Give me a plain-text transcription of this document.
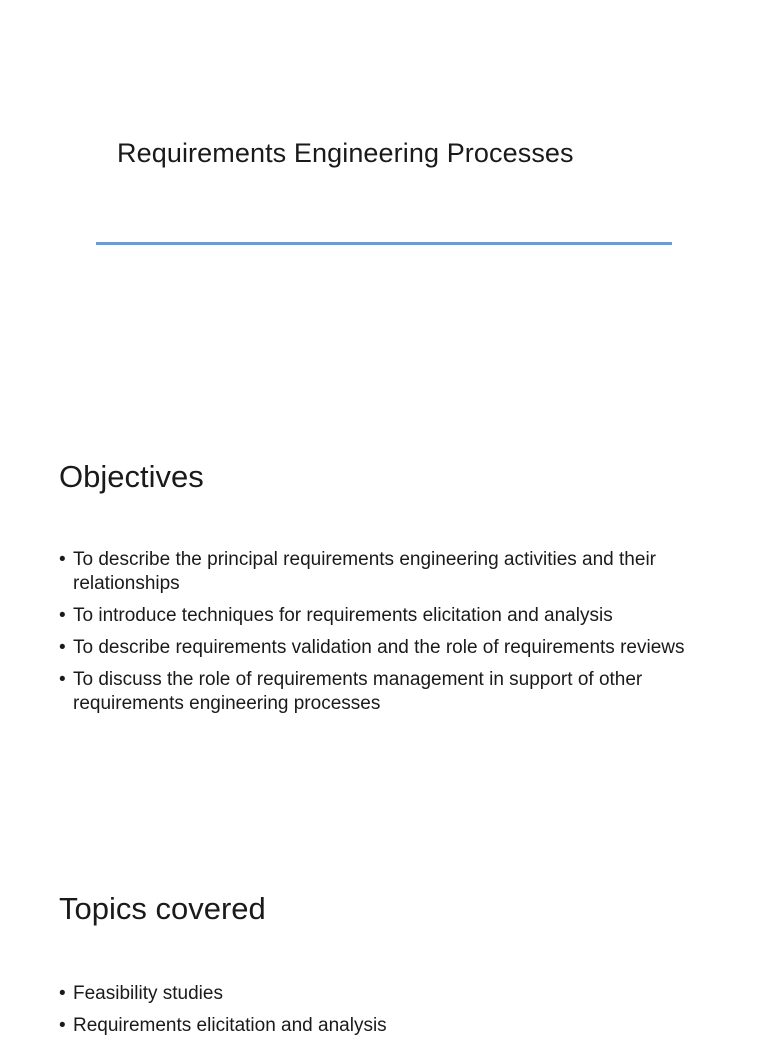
Requirements Engineering Processes
Objectives
• To describe the principal requirements engineering activities and their relationships
• To introduce techniques for requirements elicitation and analysis
• To describe requirements validation and the role of requirements reviews
• To discuss the role of requirements management in support of other requirements engineering processes
Topics covered
• Feasibility studies
• Requirements elicitation and analysis
